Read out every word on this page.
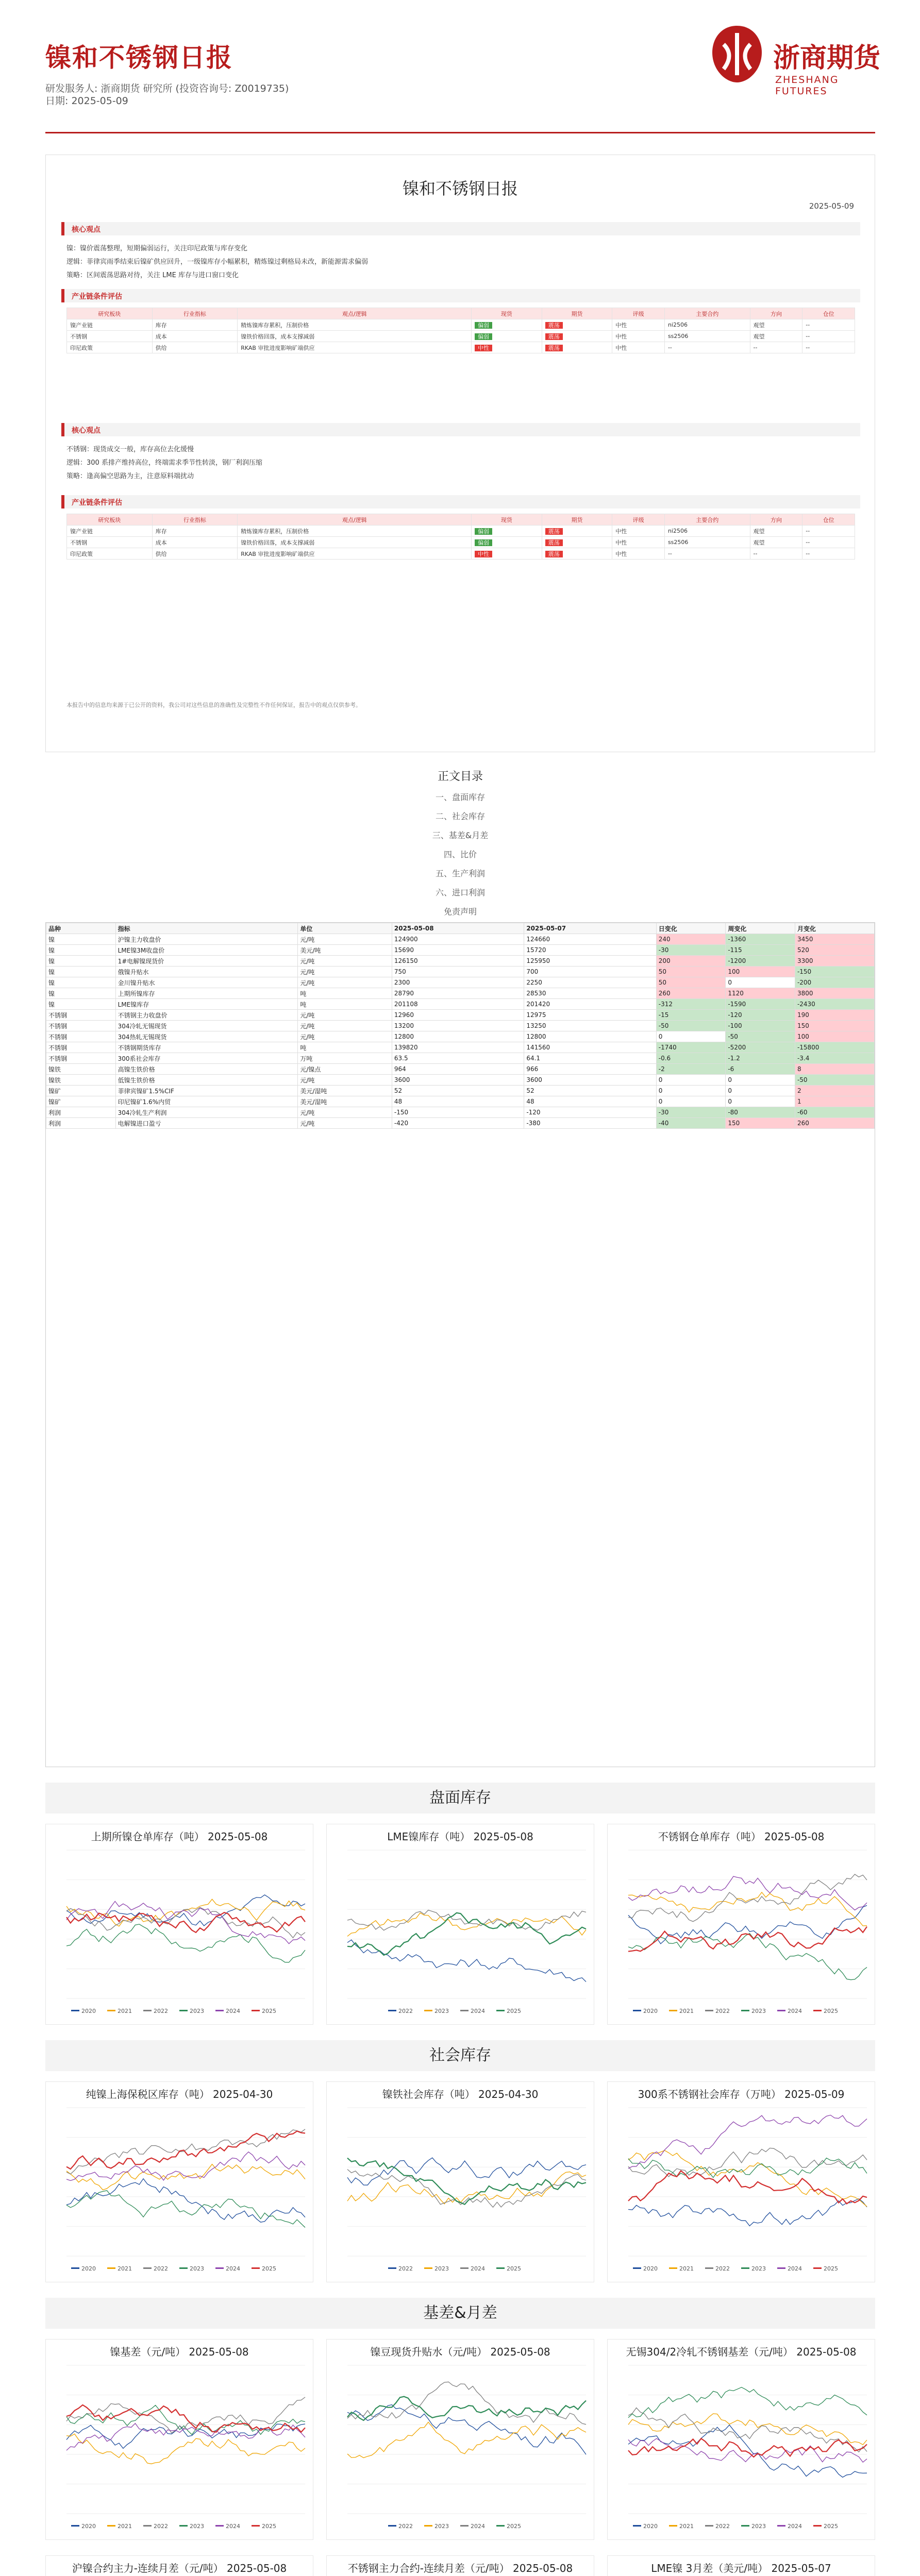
镍和不锈钢日报
研发服务人: 浙商期货 研究所 (投资咨询号: Z0019735)
日期: 2025-05-09
浙商期货
ZHESHANG FUTURES
镍和不锈钢日报
2025-05-09
核心观点
镍：镍价震荡整理，短期偏弱运行，关注印尼政策与库存变化
逻辑：菲律宾雨季结束后镍矿供应回升，一级镍库存小幅累积，精炼镍过剩格局未改，新能源需求偏弱
策略：区间震荡思路对待，关注 LME 库存与进口窗口变化
产业链条件评估
研究板块	行业指标	观点/逻辑	现货	期货	评级	主要合约	方向	仓位
镍产业链	库存	精炼镍库存累积，压制价格	偏弱	震荡	中性	ni2506	观望	--
不锈钢	成本	镍铁价格回落，成本支撑减弱	偏弱	震荡	中性	ss2506	观望	--
印尼政策	供给	RKAB 审批进度影响矿端供应	中性	震荡	中性	--	--	--
核心观点
不锈钢：现货成交一般，库存高位去化缓慢
逻辑：300 系排产维持高位，终端需求季节性转淡，钢厂利润压缩
策略：逢高偏空思路为主，注意原料端扰动
产业链条件评估
研究板块	行业指标	观点/逻辑	现货	期货	评级	主要合约	方向	仓位
镍产业链	库存	精炼镍库存累积，压制价格	偏弱	震荡	中性	ni2506	观望	--
不锈钢	成本	镍铁价格回落，成本支撑减弱	偏弱	震荡	中性	ss2506	观望	--
印尼政策	供给	RKAB 审批进度影响矿端供应	中性	震荡	中性	--	--	--
本报告中的信息均来源于已公开的资料，我公司对这些信息的准确性及完整性不作任何保证，报告中的观点仅供参考。
正文目录
一、盘面库存
二、社会库存
三、基差&月差
四、比价
五、生产利润
六、进口利润
免责声明
品种	指标	单位	2025-05-08	2025-05-07	日变化	周变化	月变化
镍	沪镍主力收盘价	元/吨	124900	124660	240	-1360	3450
镍	LME镍3M收盘价	美元/吨	15690	15720	-30	-115	520
镍	1#电解镍现货价	元/吨	126150	125950	200	-1200	3300
镍	俄镍升贴水	元/吨	750	700	50	100	-150
镍	金川镍升贴水	元/吨	2300	2250	50	0	-200
镍	上期所镍库存	吨	28790	28530	260	1120	3800
镍	LME镍库存	吨	201108	201420	-312	-1590	-2430
不锈钢	不锈钢主力收盘价	元/吨	12960	12975	-15	-120	190
不锈钢	304冷轧无锡现货	元/吨	13200	13250	-50	-100	150
不锈钢	304热轧无锡现货	元/吨	12800	12800	0	-50	100
不锈钢	不锈钢期货库存	吨	139820	141560	-1740	-5200	-15800
不锈钢	300系社会库存	万吨	63.5	64.1	-0.6	-1.2	-3.4
镍铁	高镍生铁价格	元/镍点	964	966	-2	-6	8
镍铁	低镍生铁价格	元/吨	3600	3600	0	0	-50
镍矿	菲律宾镍矿1.5%CIF	美元/湿吨	52	52	0	0	2
镍矿	印尼镍矿1.6%内贸	美元/湿吨	48	48	0	0	1
利润	304冷轧生产利润	元/吨	-150	-120	-30	-80	-60
利润	电解镍进口盈亏	元/吨	-420	-380	-40	150	260
盘面库存
上期所镍仓单库存（吨） 2025-05-08
2020	2021	2022	2023	2024	2025
LME镍库存（吨） 2025-05-08
2022	2023	2024	2025
不锈钢仓单库存（吨） 2025-05-08
2020	2021	2022	2023	2024	2025
社会库存
纯镍上海保税区库存（吨） 2025-04-30
2020	2021	2022	2023	2024	2025
镍铁社会库存（吨） 2025-04-30
2022	2023	2024	2025
300系不锈钢社会库存（万吨） 2025-05-09
2020	2021	2022	2023	2024	2025
基差&月差
镍基差（元/吨） 2025-05-08
2020	2021	2022	2023	2024	2025
镍豆现货升贴水（元/吨） 2025-05-08
2022	2023	2024	2025
无锡304/2冷轧不锈钢基差（元/吨） 2025-05-08
2020	2021	2022	2023	2024	2025
沪镍合约主力-连续月差（元/吨） 2025-05-08	不锈钢主力合约-连续月差（元/吨） 2025-05-08	LME镍 3月差（美元/吨） 2025-05-07
